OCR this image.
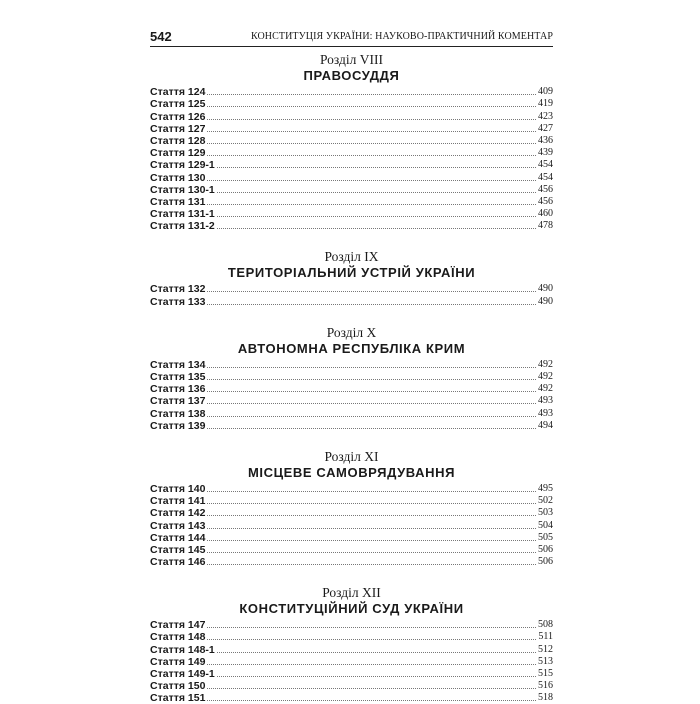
542	КОНСТИТУЦІЯ УКРАЇНИ: НАУКОВО-ПРАКТИЧНИЙ КОМЕНТАР
Розділ VIII
ПРАВОСУДДЯ
Стаття 124	409
Стаття 125	419
Стаття 126	423
Стаття 127	427
Стаття 128	436
Стаття 129	439
Стаття 129-1	454
Стаття 130	454
Стаття 130-1	456
Стаття 131	456
Стаття 131-1	460
Стаття 131-2	478
Розділ IX
ТЕРИТОРІАЛЬНИЙ УСТРІЙ УКРАЇНИ
Стаття 132	490
Стаття 133	490
Розділ X
АВТОНОМНА РЕСПУБЛІКА КРИМ
Стаття 134	492
Стаття 135	492
Стаття 136	492
Стаття 137	493
Стаття 138	493
Стаття 139	494
Розділ XI
МІСЦЕВЕ САМОВРЯДУВАННЯ
Стаття 140	495
Стаття 141	502
Стаття 142	503
Стаття 143	504
Стаття 144	505
Стаття 145	506
Стаття 146	506
Розділ XII
КОНСТИТУЦІЙНИЙ СУД УКРАЇНИ
Стаття 147	508
Стаття 148	511
Стаття 148-1	512
Стаття 149	513
Стаття 149-1	515
Стаття 150	516
Стаття 151	518
